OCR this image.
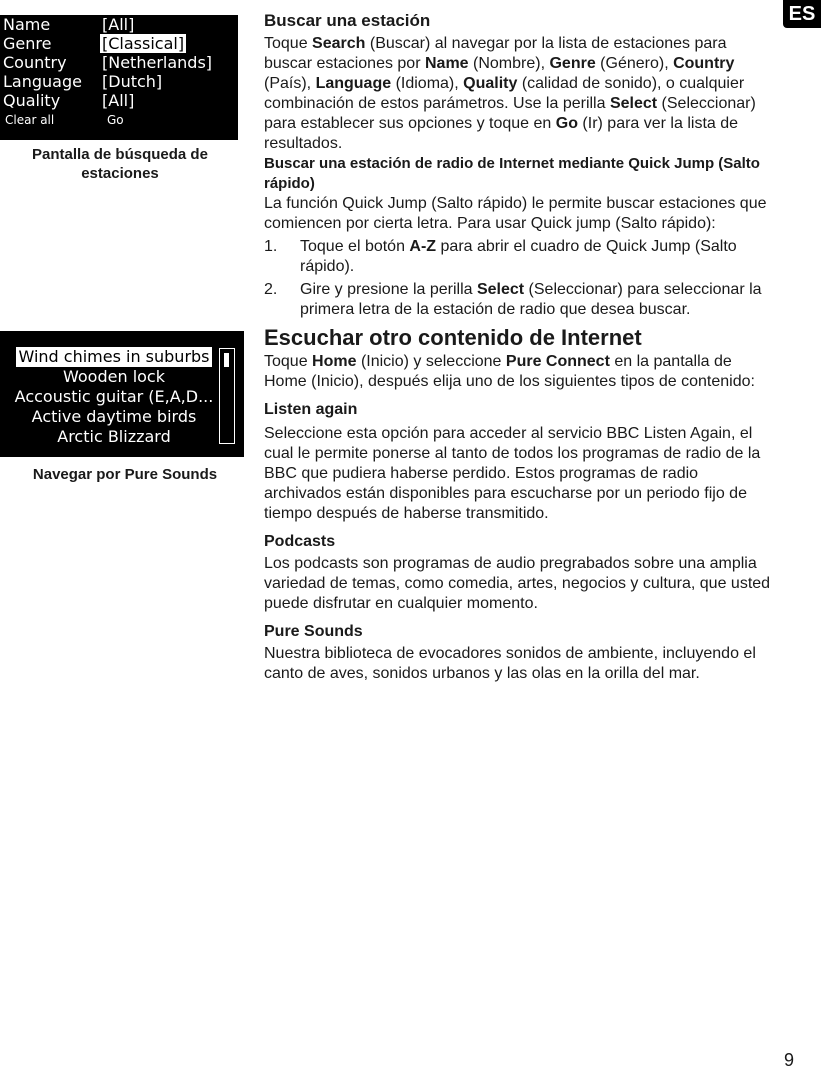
ES
Name	[All]
Genre	[Classical]
Country	[Netherlands]
Language	[Dutch]
Quality	[All]
Clear all	Go
Pantalla de búsqueda de estaciones
Wind chimes in suburbs
Wooden lock
Accoustic guitar (E,A,D...
Active daytime birds
Arctic Blizzard
Navegar por Pure Sounds
Buscar una estación

Toque Search (Buscar) al navegar por la lista de estaciones para buscar estaciones por Name (Nombre), Genre (Género), Country (País), Language (Idioma), Quality (calidad de sonido), o cualquier combinación de estos parámetros. Use la perilla Select (Seleccionar) para establecer sus opciones y toque en Go (Ir) para ver la lista de resultados.

Buscar una estación de radio de Internet mediante Quick Jump (Salto rápido)
La función Quick Jump (Salto rápido) le permite buscar estaciones que comiencen por cierta letra. Para usar Quick jump (Salto rápido):
1.	Toque el botón A-Z para abrir el cuadro de Quick Jump (Salto rápido).
2.	Gire y presione la perilla Select (Seleccionar) para seleccionar la primera letra de la estación de radio que desea buscar.
Escuchar otro contenido de Internet

Toque Home (Inicio) y seleccione Pure Connect en la pantalla de Home (Inicio), después elija uno de los siguientes tipos de contenido:

Listen again

Seleccione esta opción para acceder al servicio BBC Listen Again, el cual le permite ponerse al tanto de todos los programas de radio de la BBC que pudiera haberse perdido. Estos programas de radio archivados están disponibles para escucharse por un periodo fijo de tiempo después de haberse transmitido.

Podcasts

Los podcasts son programas de audio pregrabados sobre una amplia variedad de temas, como comedia, artes, negocios y cultura, que usted puede disfrutar en cualquier momento.

Pure Sounds

Nuestra biblioteca de evocadores sonidos de ambiente, incluyendo el canto de aves, sonidos urbanos y las olas en la orilla del mar.

9
